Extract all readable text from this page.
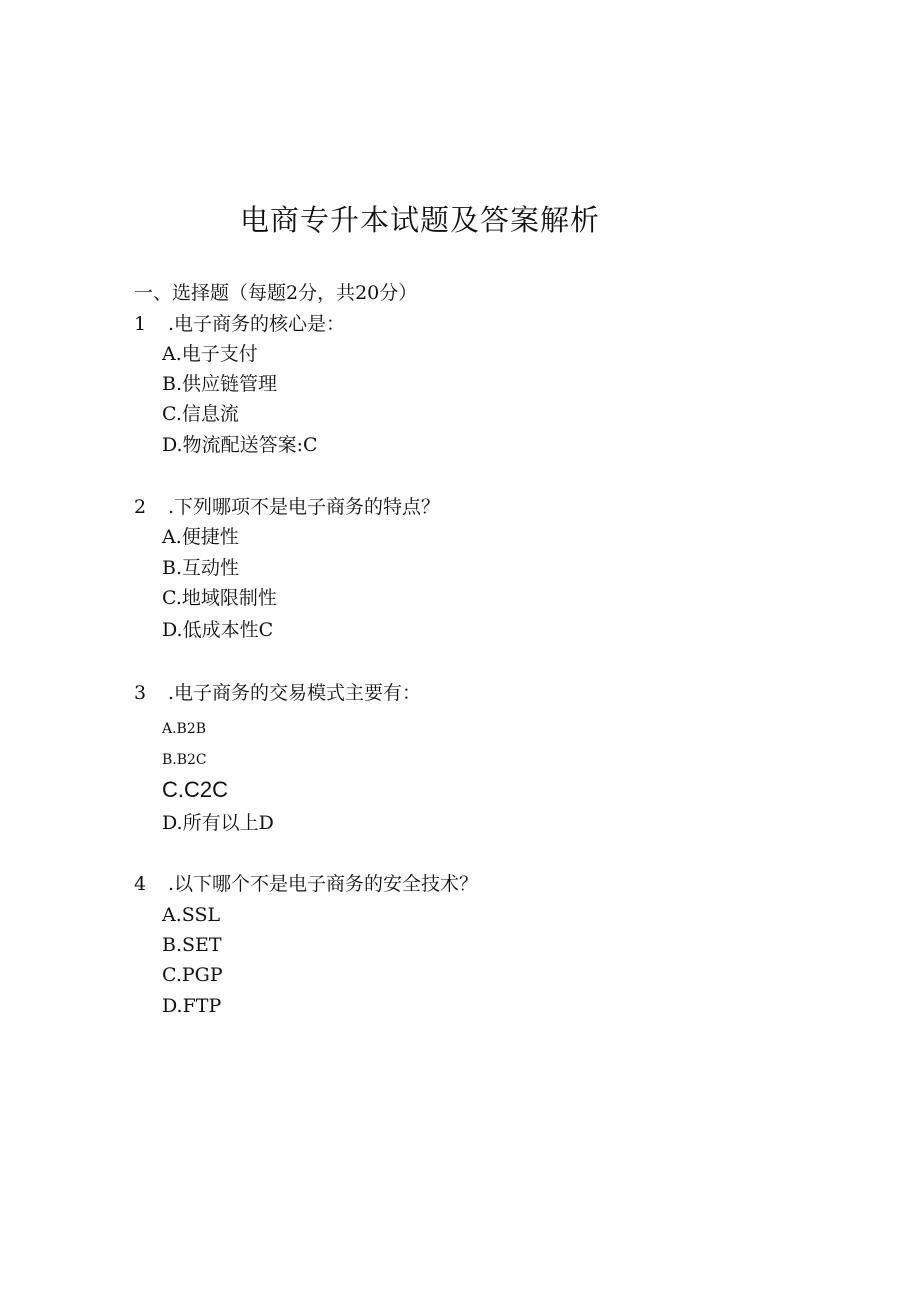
电商专升本试题及答案解析
一、选择题（每题2分，共20分）
1 .电子商务的核心是：
A.电子支付
B.供应链管理
C.信息流
D.物流配送答案:C
2 .下列哪项不是电子商务的特点？
A.便捷性
B.互动性
C.地域限制性
D.低成本性C
3 .电子商务的交易模式主要有：
A.B2B
B.B2C
C.C2C
D.所有以上D
4 .以下哪个不是电子商务的安全技术？
A.SSL
B.SET
C.PGP
D.FTP
